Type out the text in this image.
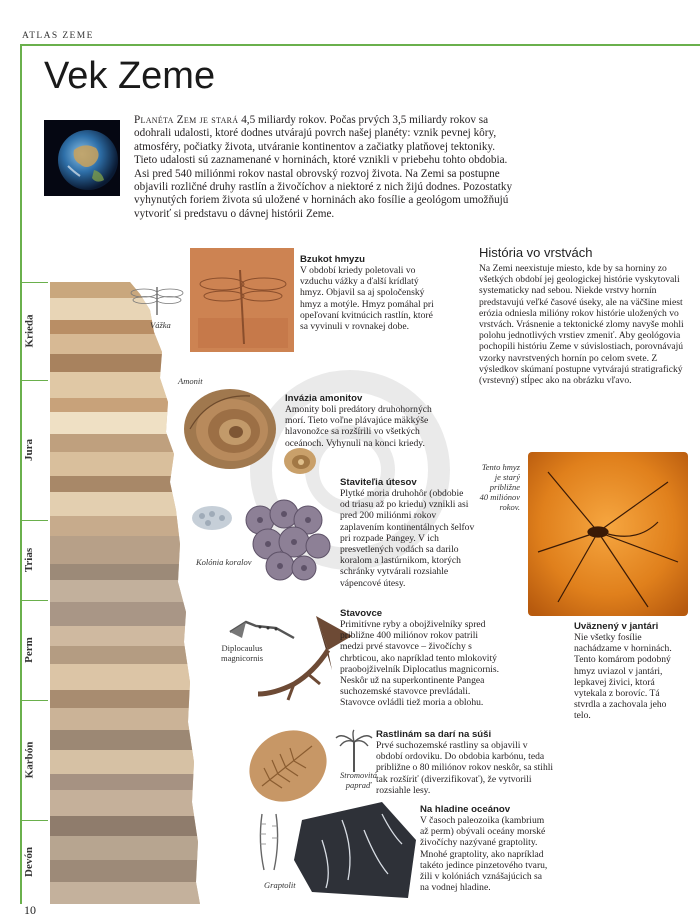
ATLAS ZEME
Vek Zeme
Planéta Zem je stará 4,5 miliardy rokov. Počas prvých 3,5 miliardy rokov sa odohrali udalosti, ktoré dodnes utvárajú povrch našej planéty: vznik pevnej kôry, atmosféry, počiatky života, utváranie kontinentov a začiatky platňovej tektoniky. Tieto udalosti sú zaznamenané v horninách, ktoré vznikli v priebehu tohto obdobia. Asi pred 540 miliónmi rokov nastal obrovský rozvoj života. Na Zemi sa postupne objavili rozličné druhy rastlín a živočíchov a niektoré z nich žijú dodnes. Pozostatky vyhynutých foriem života sú uložené v horninách ako fosílie a geológom umožňujú vytvoriť si predstavu o dávnej histórii Zeme.
Krieda
Jura
Trias
Perm
Karbón
Devón
Vážka
Bzukot hmyzu
V období kriedy poletovali vo vzduchu vážky a ďalší krídlatý hmyz. Objavil sa aj spoločenský hmyz a motýle. Hmyz pomáhal pri opeľovaní kvitnúcich rastlín, ktoré sa vyvinuli v rovnakej dobe.
Amonit
Invázia amonitov
Amonity boli predátory druhohorných morí. Tieto voľne plávajúce mäkkýše hlavonožce sa rozšírili vo všetkých oceánoch. Vyhynuli na konci kriedy.
Kolónia koralov
Staviteľia útesov
Plytké moria druhohôr (obdobie od triasu až po kriedu) vznikli asi pred 200 miliónmi rokov zaplavením kontinentálnych šelfov pri rozpade Pangey. V ich presvetlených vodách sa darilo koralom a lastúrnikom, ktorých schránky vytvárali rozsiahle vápencové útesy.
Diplocaulus
magnicornis
Stavovce
Primitívne ryby a obojživelníky spred približne 400 miliónov rokov patrili medzi prvé stavovce – živočíchy s chrbticou, ako napríklad tento mlokovitý praobojživelník Diplocatlus magnicornis. Neskôr už na superkontinente Pangea suchozemské stavovce prevládali. Stavovce ovládli tiež moria a oblohu.
Stromovitá
papraď
Rastlinám sa darí na súši
Prvé suchozemské rastliny sa objavili v období ordoviku. Do obdobia karbónu, teda približne o 80 miliónov rokov neskôr, sa stihli tak rozšíriť (diverzifikovať), že vytvorili rozsiahle lesy.
Graptolit
Na hladine oceánov
V časoch paleozoika (kambrium až perm) obývali oceány morské živočíchy nazývané graptolity. Mnohé graptolity, ako napríklad takéto jedince pinzetového tvaru, žili v kolóniách vznášajúcich sa na vodnej hladine.
História vo vrstvách
Na Zemi neexistuje miesto, kde by sa horniny zo všetkých období jej geologickej histórie vyskytovali systematicky nad sebou. Niekde vrstvy hornín predstavujú veľké časové úseky, ale na väčšine miest erózia odniesla milióny rokov histórie uložených vo vrstvách. Vrásnenie a tektonické zlomy navyše mohli polohu jednotlivých vrstiev zmeniť. Aby geológovia pochopili históriu Zeme v súvislostiach, porovnávajú vzorky navrstvených hornín po celom svete. Z výsledkov skúmaní postupne vytvárajú stratigrafický (vrstevný) stĺpec ako na obrázku vľavo.
Tento hmyz
je starý
približne
40 miliónov
rokov.
Uväznený v jantári
Nie všetky fosílie nachádzame v horninách. Tento komárom podobný hmyz uviazol v jantári, lepkavej živici, ktorá vytekala z borovíc. Tá stvrdla a zachovala jeho telo.
10
